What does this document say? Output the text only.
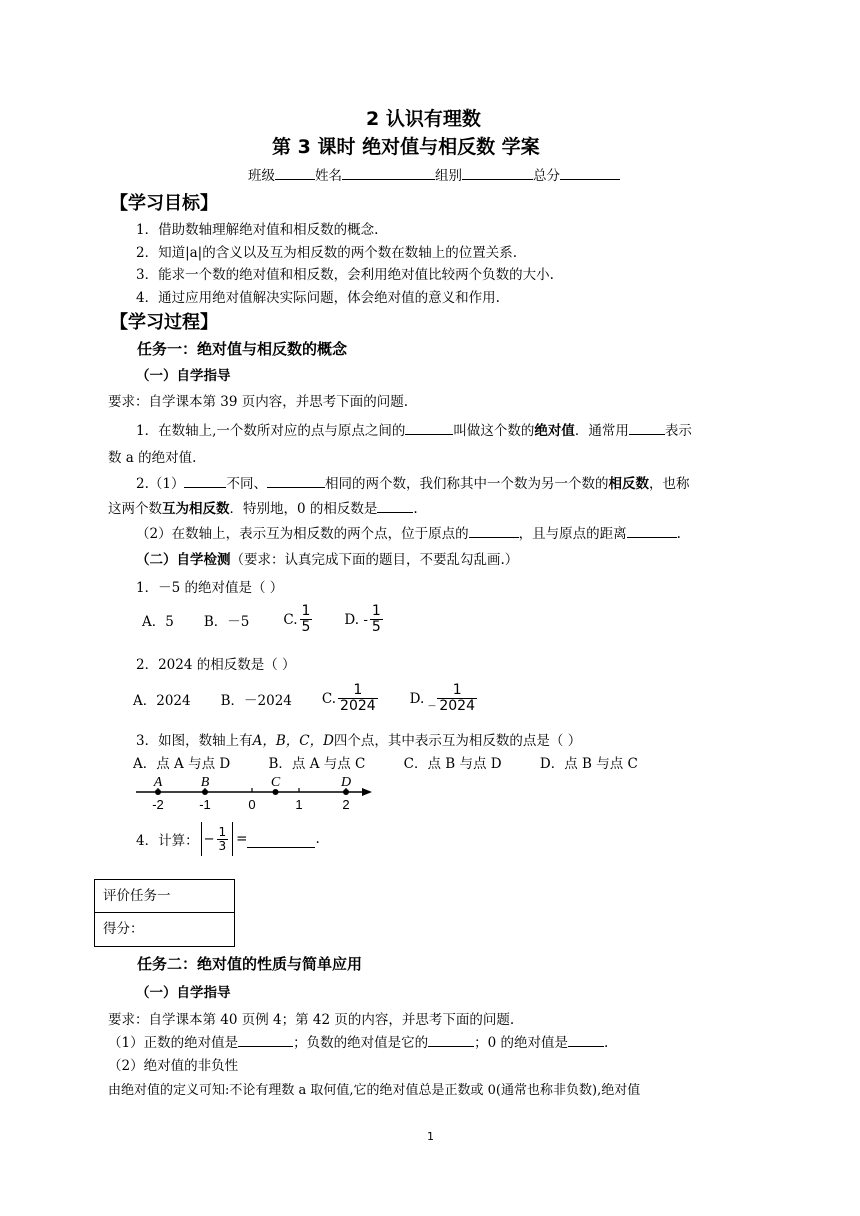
2 认识有理数
第 3 课时 绝对值与相反数 学案
班级	姓名	组别	总分
【学习目标】
1．借助数轴理解绝对值和相反数的概念.
2．知道|a|的含义以及互为相反数的两个数在数轴上的位置关系.
3．能求一个数的绝对值和相反数，会利用绝对值比较两个负数的大小.
4．通过应用绝对值解决实际问题，体会绝对值的意义和作用.
【学习过程】
任务一：绝对值与相反数的概念
（一）自学指导
要求：自学课本第 39 页内容，并思考下面的问题.
1．在数轴上,一个数所对应的点与原点之间的	叫做这个数的绝对值．通常用	表示
数 a 的绝对值.
2.（1）	不同、	相同的两个数，我们称其中一个数为另一个数的相反数，也称
这两个数互为相反数．特别地，0 的相反数是	.
（2）在数轴上，表示互为相反数的两个点，位于原点的	，且与原点的距离	.
（二）自学检测（要求：认真完成下面的题目，不要乱勾乱画.）
1．－5 的绝对值是（ ）
A．5 B．－5	C. $\frac{1}{5} D$. - $\frac{1}{5}$
2．2024 的相反数是（ ）
A．2024 B．－2024 C. $\frac{1}{2024} D$. _ $\frac{1}{2024}$
3．如图，数轴上有A，B，C，D四个点，其中表示互为相反数的点是（ ）
A．点 A 与点 D	B．点 A 与点 C	C．点 B 与点 D	D．点 B 与点 C
-2	-1	0	1	2
A	B	C	D
4．计算： − $\frac{1}{3}$ =	.
评价任务一
得分：
任务二：绝对值的性质与简单应用
（一）自学指导
要求：自学课本第 40 页例 4；第 42 页的内容，并思考下面的问题.
（1）正数的绝对值是	；负数的绝对值是它的	；0 的绝对值是	.
（2）绝对值的非负性
由绝对值的定义可知:不论有理数 a 取何值,它的绝对值总是正数或 0(通常也称非负数),绝对值
1
